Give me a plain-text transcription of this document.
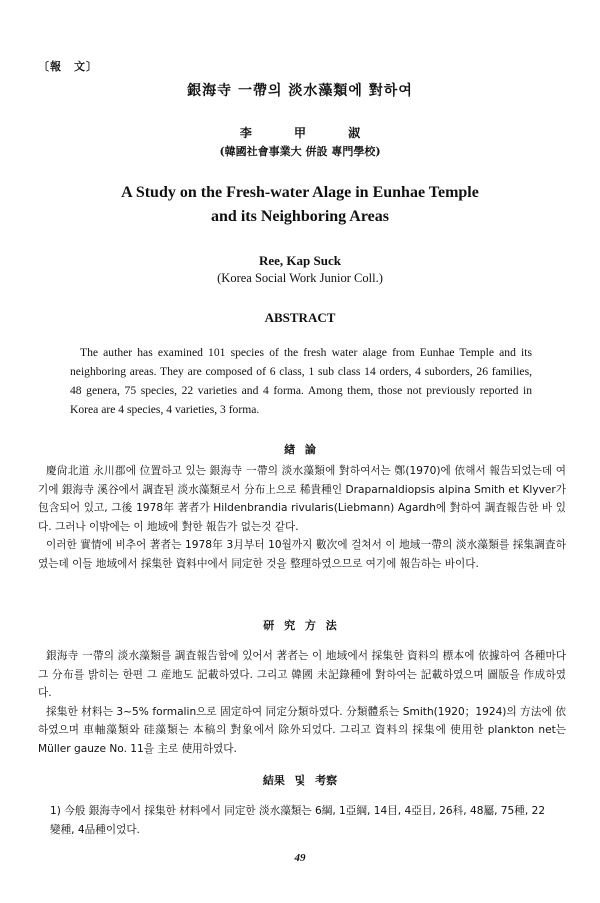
〔報　文〕
銀海寺 一帶의 淡水藻類에 對하여
李 甲 淑
(韓國社會事業大 倂設 專門學校)
A Study on the Fresh-water Alage in Eunhae Temple
and its Neighboring Areas
Ree, Kap Suck
(Korea Social Work Junior Coll.)
ABSTRACT

The auther has examined 101 species of the fresh water alage from Eunhae Temple and its neighboring areas. They are composed of 6 class, 1 sub class 14 orders, 4 suborders, 26 families, 48 genera, 75 species, 22 varieties and 4 forma. Among them, those not previously reported in Korea are 4 species, 4 varieties, 3 forma.

緖 論

慶尙北道 永川郡에 位置하고 있는 銀海寺 一帶의 淡水藻類에 對하여서는 鄭(1970)에 依해서 報告되었는데 여기에 銀海寺 溪谷에서 調査된 淡水藻類로서 分布上으로 稀貴種인 Draparnaldiopsis alpina Smith et Klyver가 包含되어 있고, 그後 1978年 著者가 Hildenbrandia rivularis(Liebmann) Agardh에 對하여 調査報告한 바 있다. 그러나 이밖에는 이 地域에 對한 報告가 없는것 같다.

이러한 實情에 비추어 著者는 1978年 3月부터 10월까지 數次에 걸쳐서 이 地域一帶의 淡水藻類를 採集調査하였는데 이들 地域에서 採集한 資料中에서 同定한 것을 整理하였으므로 여기에 報告하는 바이다.

研 究 方 法

銀海寺 一帶의 淡水藻類를 調査報告함에 있어서 著者는 이 地域에서 採集한 資料의 標本에 依據하여 各種마다 그 分布를 밝히는 한편 그 産地도 記載하였다. 그리고 韓國 未記錄種에 對하여는 記載하였으며 圖版을 作成하였다.

採集한 材料는 3~5% formalin으로 固定하여 同定分類하였다. 分類體系는 Smith(1920；1924)의 方法에 依하였으며 車軸藻類와 硅藻類는 本稿의 對象에서 除外되었다. 그리고 資料의 採集에 使用한 plankton net는 Müller gauze No. 11을 主로 使用하였다.

結果 및 考察

1) 今般 銀海寺에서 採集한 材料에서 同定한 淡水藻類는 6綱, 1亞綱, 14目, 4亞目, 26科, 48屬, 75種, 22變種, 4品種이었다.

49
